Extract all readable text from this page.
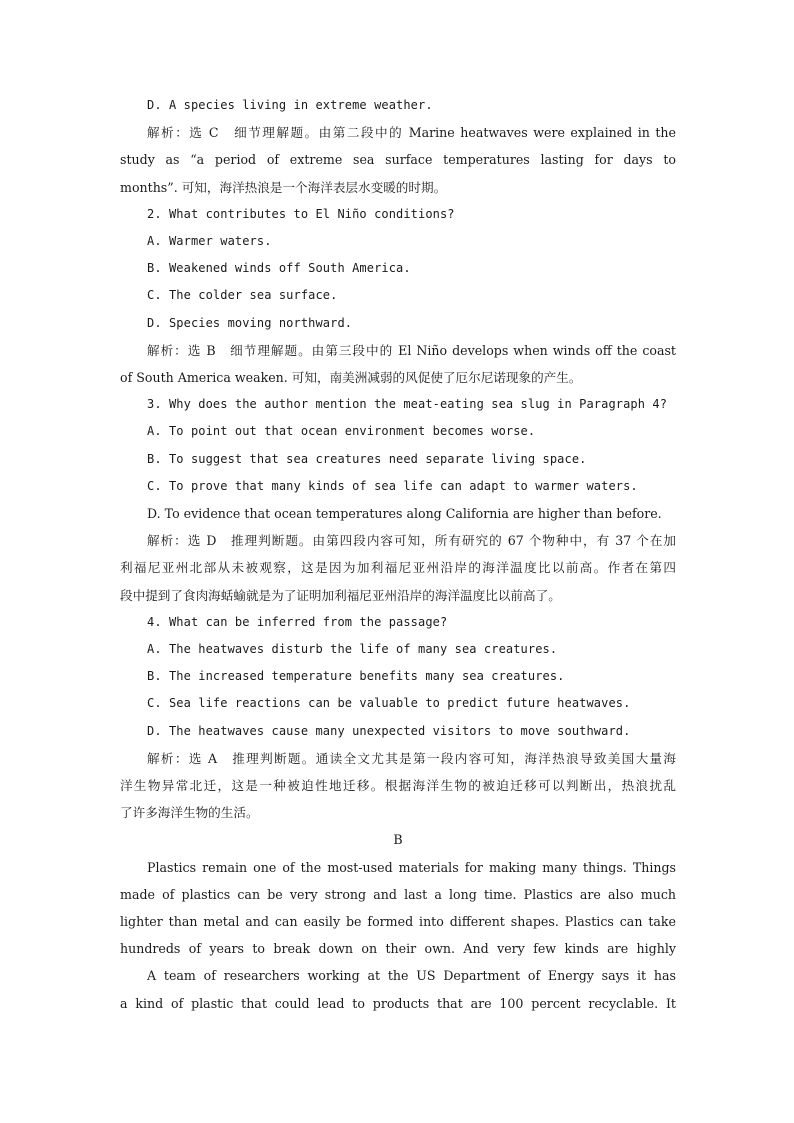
D. A species living in extreme weather.

解析：选 C　细节理解题。由第二段中的 Marine heatwaves were explained in the

study as “a period of extreme sea surface temperatures lasting for days to

months”. 可知，海洋热浪是一个海洋表层水变暖的时期。

2. What contributes to El Niño conditions?

A. Warmer waters.

B. Weakened winds off South America.

C. The colder sea surface.

D. Species moving northward.

解析：选 B　细节理解题。由第三段中的 El Niño develops when winds off the coast

of South America weaken. 可知，南美洲减弱的风促使了厄尔尼诺现象的产生。

3. Why does the author mention the meat-eating sea slug in Paragraph 4?

A. To point out that ocean environment becomes worse.

B. To suggest that sea creatures need separate living space.

C. To prove that many kinds of sea life can adapt to warmer waters.

D. To evidence that ocean temperatures along California are higher than before.

解析：选 D　推理判断题。由第四段内容可知，所有研究的 67 个物种中，有 37 个在加

利福尼亚州北部从未被观察，这是因为加利福尼亚州沿岸的海洋温度比以前高。作者在第四

段中提到了食肉海蛞蝓就是为了证明加利福尼亚州沿岸的海洋温度比以前高了。

4. What can be inferred from the passage?

A. The heatwaves disturb the life of many sea creatures.

B. The increased temperature benefits many sea creatures.

C. Sea life reactions can be valuable to predict future heatwaves.

D. The heatwaves cause many unexpected visitors to move southward.

解析：选 A　推理判断题。通读全文尤其是第一段内容可知，海洋热浪导致美国大量海

洋生物异常北迁，这是一种被迫性地迁移。根据海洋生物的被迫迁移可以判断出，热浪扰乱

了许多海洋生物的生活。

B

Plastics remain one of the most-used materials for making many things. Things

made of plastics can be very strong and last a long time. Plastics are also much

lighter than metal and can easily be formed into different shapes. Plastics can take

hundreds of years to break down on their own. And very few kinds are highly

A team of researchers working at the US Department of Energy says it has

a kind of plastic that could lead to products that are 100 percent recyclable. It
